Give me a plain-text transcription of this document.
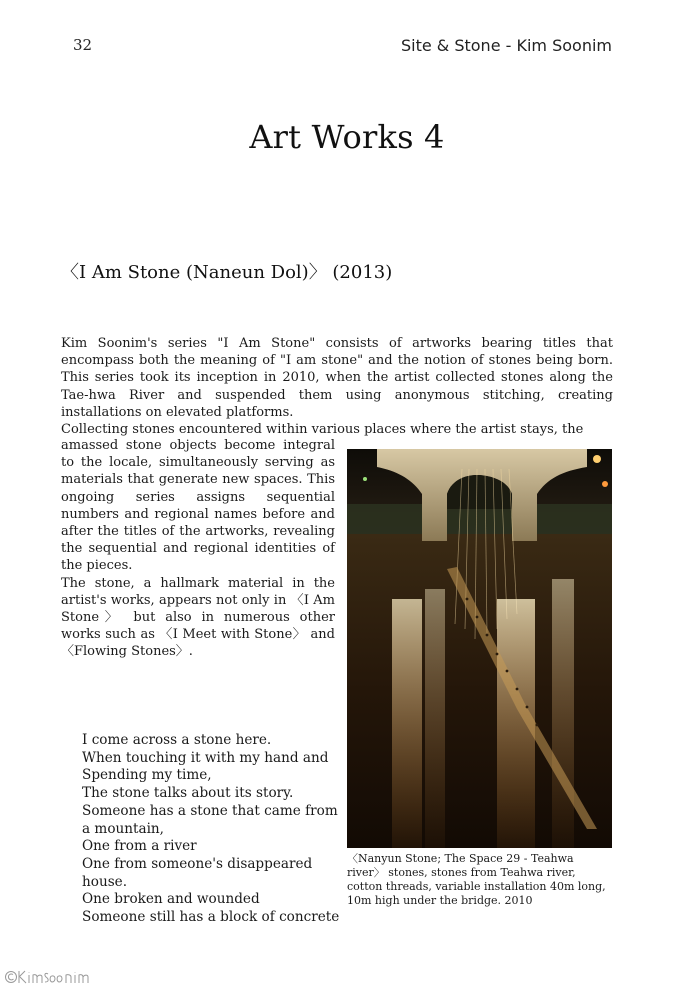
32	Site & Stone - Kim Soonim
Art Works 4
〈I Am Stone (Naneun Dol)〉 (2013)

Kim Soonim's series "I Am Stone" consists of artworks bearing titles that encompass both the meaning of "I am stone" and the notion of stones being born. This series took its inception in 2010, when the artist collected stones along the Tae-hwa River and suspended them using anonymous stitching, creating installations on elevated platforms.

Collecting stones encountered within various places where the artist stays, the

amassed stone objects become integral to the locale, simultaneously serving as materials that generate new spaces. This ongoing series assigns sequential numbers and regional names before and after the titles of the artworks, revealing the sequential and regional identities of the pieces.

The stone, a hallmark material in the artist's works, appears not only in 〈I Am Stone〉 but also in numerous other works such as 〈I Meet with Stone〉 and 〈Flowing Stones〉.

〈Nanyun Stone; The Space 29 - Teahwa river〉 stones, stones from Teahwa river, cotton threads, variable installation 40m long, 10m high under the bridge. 2010
I come across a stone here.
When touching it with my hand and
Spending my time,
The stone talks about its story.
Someone has a stone that came from
a mountain,
One from a river
One from someone's disappeared
house.
One broken and wounded
Someone still has a block of concrete
